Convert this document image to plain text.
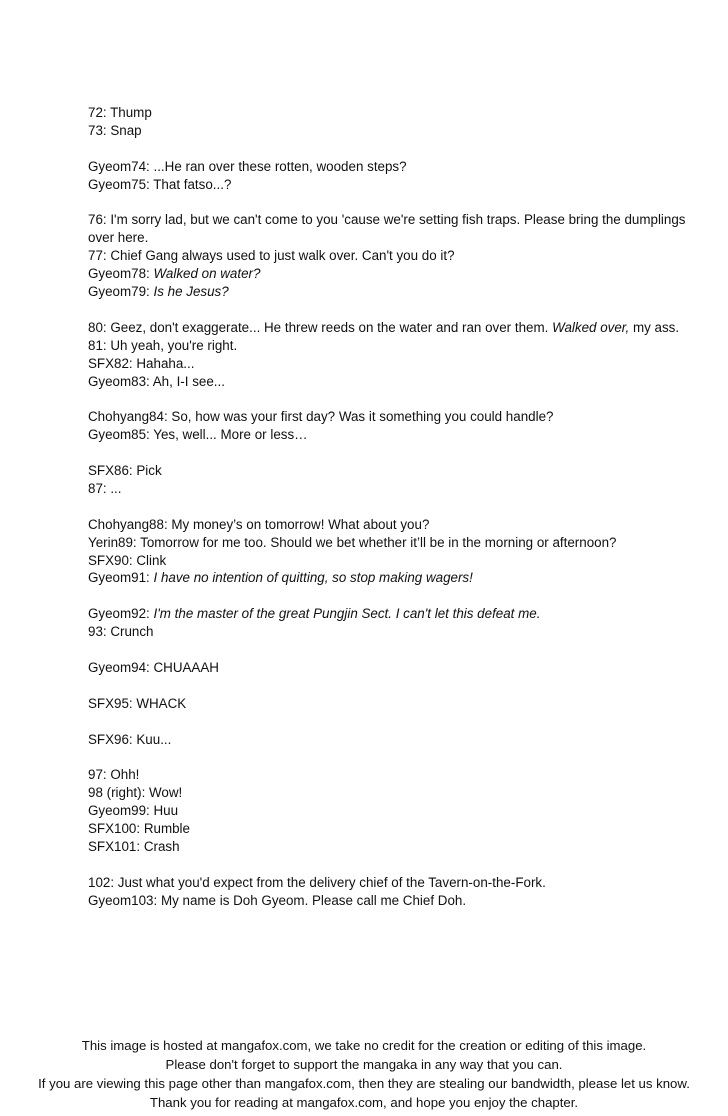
72: Thump
73: Snap
Gyeom74: ...He ran over these rotten, wooden steps?
Gyeom75: That fatso...?
76: I'm sorry lad, but we can't come to you 'cause we're setting fish traps. Please bring the dumplings over here.
77: Chief Gang always used to just walk over. Can't you do it?
Gyeom78: Walked on water?
Gyeom79: Is he Jesus?
80: Geez, don't exaggerate... He threw reeds on the water and ran over them. Walked over, my ass.
81: Uh yeah, you're right.
SFX82: Hahaha...
Gyeom83: Ah, I-I see...
Chohyang84: So, how was your first day? Was it something you could handle?
Gyeom85: Yes, well... More or less…
SFX86: Pick
87: ...
Chohyang88: My money’s on tomorrow! What about you?
Yerin89: Tomorrow for me too. Should we bet whether it’ll be in the morning or afternoon?
SFX90: Clink
Gyeom91: I have no intention of quitting, so stop making wagers!
Gyeom92: I'm the master of the great Pungjin Sect. I can't let this defeat me.
93: Crunch
Gyeom94: CHUAAAH
SFX95: WHACK
SFX96: Kuu...
97: Ohh!
98 (right): Wow!
Gyeom99: Huu
SFX100: Rumble
SFX101: Crash
102: Just what you'd expect from the delivery chief of the Tavern-on-the-Fork.
Gyeom103: My name is Doh Gyeom. Please call me Chief Doh.
This image is hosted at mangafox.com, we take no credit for the creation or editing of this image.
Please don't forget to support the mangaka in any way that you can.
If you are viewing this page other than mangafox.com, then they are stealing our bandwidth, please let us know.
Thank you for reading at mangafox.com, and hope you enjoy the chapter.
